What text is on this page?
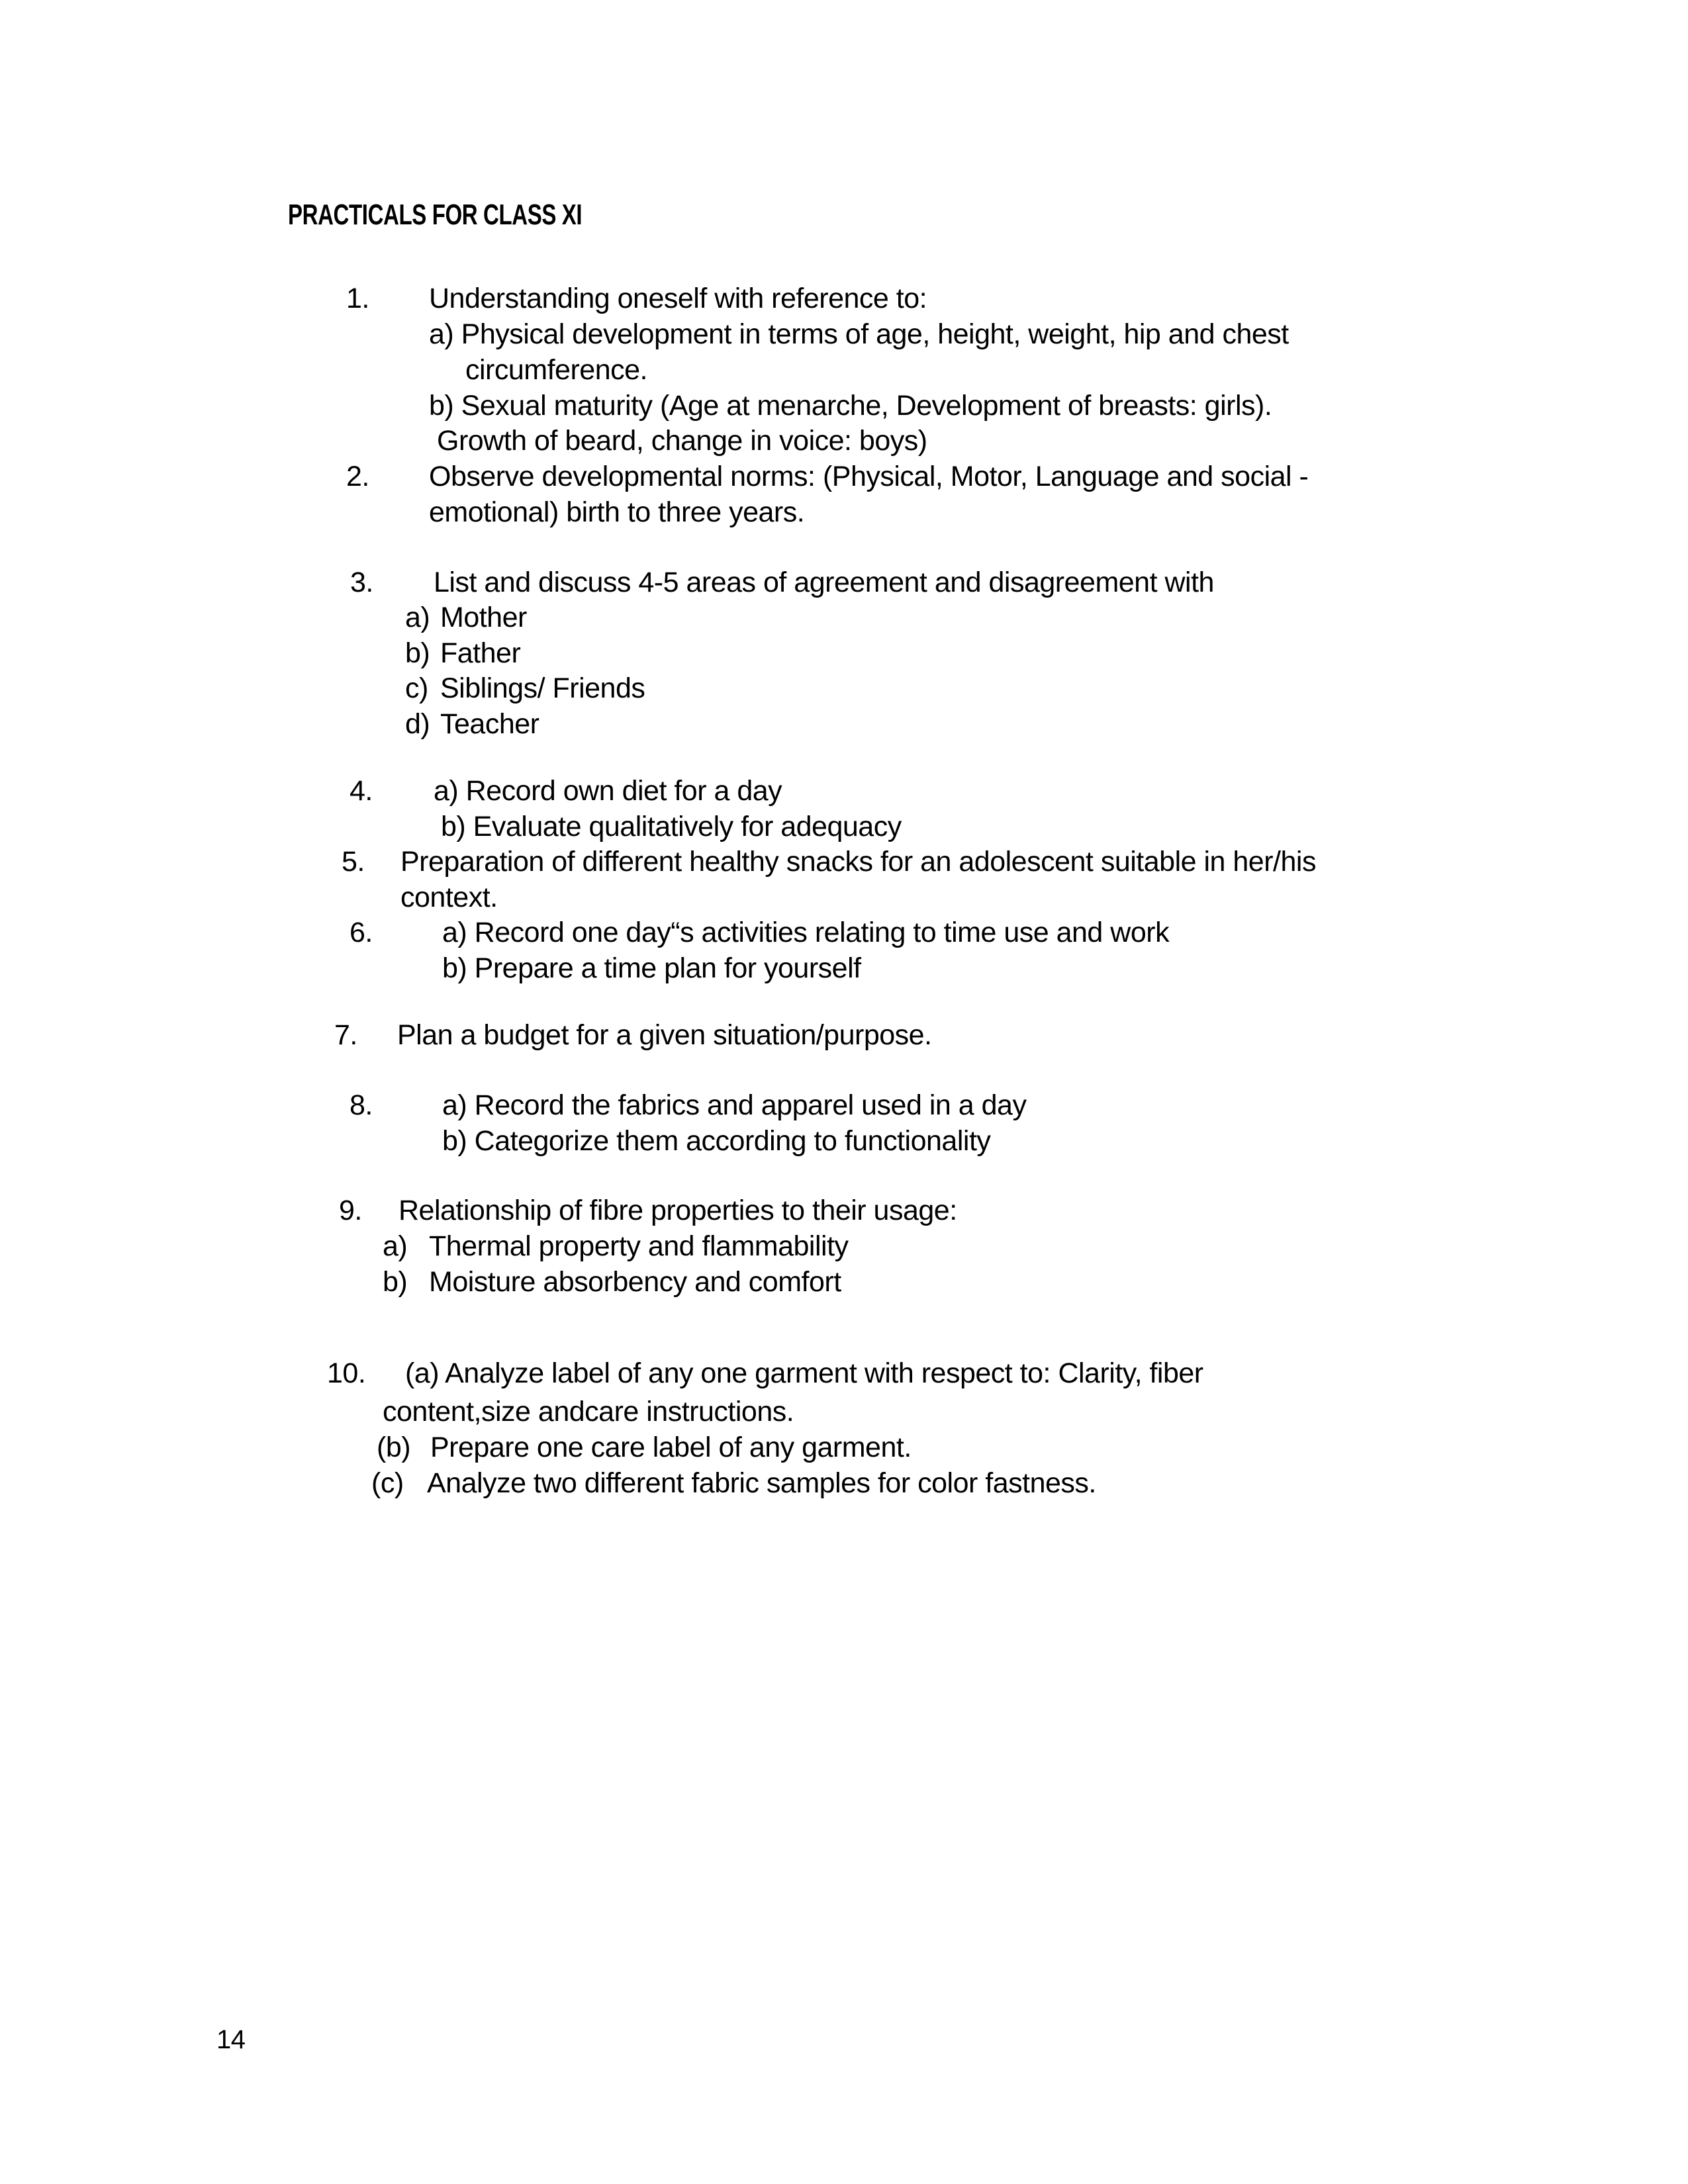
PRACTICALS FOR CLASS XI
1. Understanding oneself with reference to:
a) Physical development in terms of age, height, weight, hip and chest
circumference.
b) Sexual maturity (Age at menarche, Development of breasts: girls).
Growth of beard, change in voice: boys)
2. Observe developmental norms: (Physical, Motor, Language and social -
emotional) birth to three years.
3. List and discuss 4-5 areas of agreement and disagreement with
a) Mother
b) Father
c) Siblings/ Friends
d) Teacher
4. a) Record own diet for a day
b) Evaluate qualitatively for adequacy
5. Preparation of different healthy snacks for an adolescent suitable in her/his
context.
6. a) Record one day“s activities relating to time use and work
b) Prepare a time plan for yourself
7. Plan a budget for a given situation/purpose.
8. a) Record the fabrics and apparel used in a day
b) Categorize them according to functionality
9. Relationship of fibre properties to their usage:
a) Thermal property and flammability
b) Moisture absorbency and comfort
10. (a) Analyze label of any one garment with respect to: Clarity, fiber
content,size andcare instructions.
(b) Prepare one care label of any garment.
(c) Analyze two different fabric samples for color fastness.
14
